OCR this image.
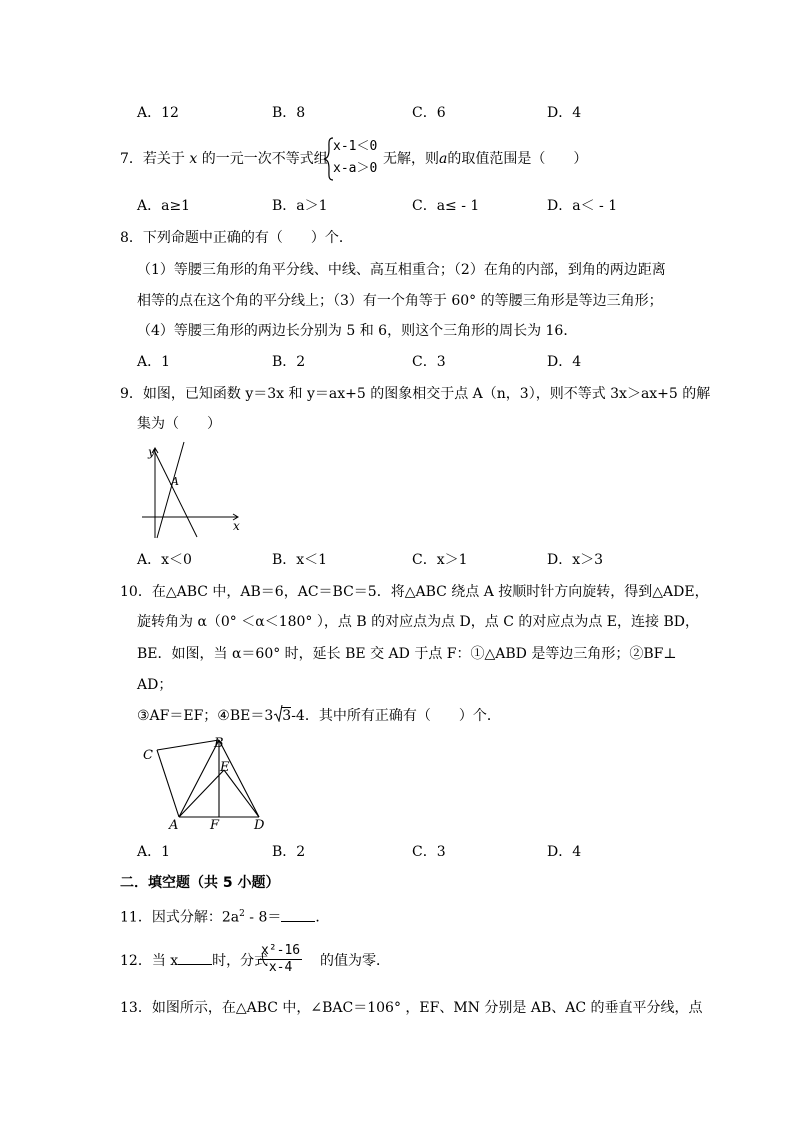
A．12	B．8	C．6	D．4
7．若关于 x 的一元一次不等式组
x-1＜0
x-a＞0
无解，则a的取值范围是（　　）
A．a≥1	B．a＞1	C．a≤ - 1	D．a＜ - 1
8．下列命题中正确的有（　　）个．
（1）等腰三角形的角平分线、中线、高互相重合；（2）在角的内部，到角的两边距离
相等的点在这个角的平分线上；（3）有一个角等于 60° 的等腰三角形是等边三角形；
（4）等腰三角形的两边长分别为 5 和 6，则这个三角形的周长为 16．
A．1	B．2	C．3	D．4
9．如图，已知函数 y＝3x 和 y＝ax+5 的图象相交于点 A（n，3），则不等式 3x＞ax+5 的解
集为（　　）
y
x
A
A．x＜0	B．x＜1	C．x＞1	D．x＞3
10．在△ABC 中，AB＝6，AC＝BC＝5．将△ABC 绕点 A 按顺时针方向旋转，得到△ADE，
旋转角为 α（0° ＜α＜180° ），点 B 的对应点为点 D，点 C 的对应点为点 E，连接 BD，
BE．如图，当 α＝60° 时，延长 BE 交 AD 于点 F：①△ABD 是等边三角形；②BF⊥
AD；
③AF＝EF；④BE＝3 3-4．其中所有正确有（　　）个．
C
B
E
A F	D
A．1	B．2	C．3	D．4
二．填空题（共 5 小题）
11．因式分解：$2a^2 - 8=$ ．
12．当 x 时，分式
$\frac{\text{x²-16}}{x-4}$ 的值为零．
13．如图所示，在△ABC 中，∠BAC＝106° ，EF、MN 分别是 AB、AC 的垂直平分线，点
